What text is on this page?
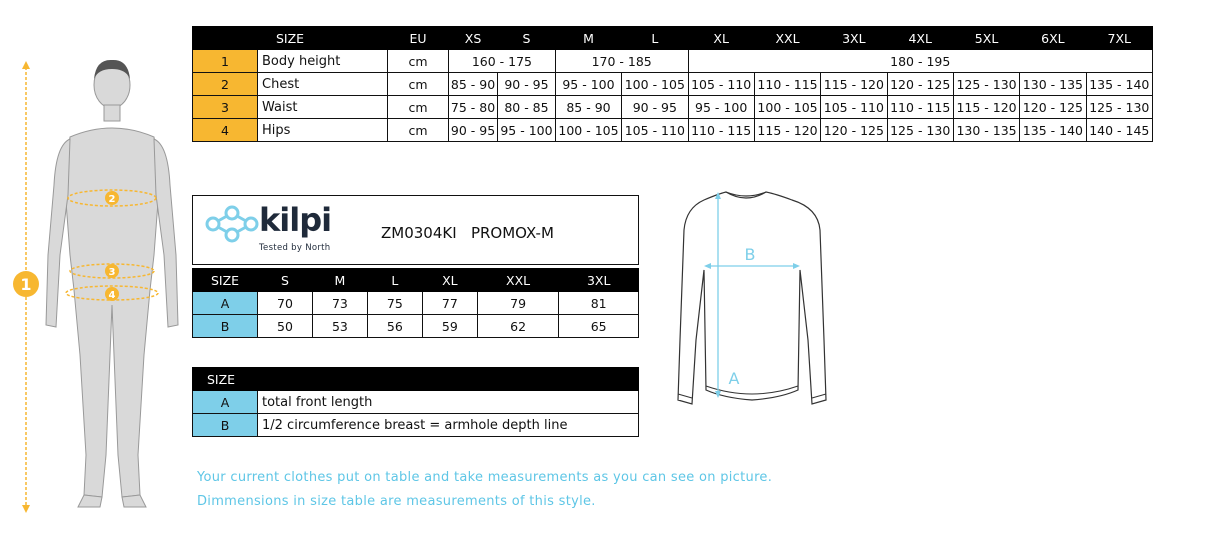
1
2
3
4
SIZE		EU	XS	S	M	L	XL	XXL	3XL	4XL	5XL	6XL	7XL
1	Body height	cm	160 - 175		170 - 185		180 - 195						
2	Chest	cm	85 - 90	90 - 95	95 - 100	100 - 105	105 - 110	110 - 115	115 - 120	120 - 125	125 - 130	130 - 135	135 - 140
3	Waist	cm	75 - 80	80 - 85	85 - 90	90 - 95	95 - 100	100 - 105	105 - 110	110 - 115	115 - 120	120 - 125	125 - 130
4	Hips	cm	90 - 95	95 - 100	100 - 105	105 - 110	110 - 115	115 - 120	120 - 125	125 - 130	130 - 135	135 - 140	140 - 145
kilpi
Tested by North
ZM0304KI PROMOX-M
SIZE	S	M	L	XL	XXL	3XL
A	70	73	75	77	79	81
B	50	53	56	59	62	65
SIZE	
A	total front length
B	1/2 circumference breast = armhole depth line
B
A
Your current clothes put on table and take measurements as you can see on picture.
Dimmensions in size table are measurements of this style.
